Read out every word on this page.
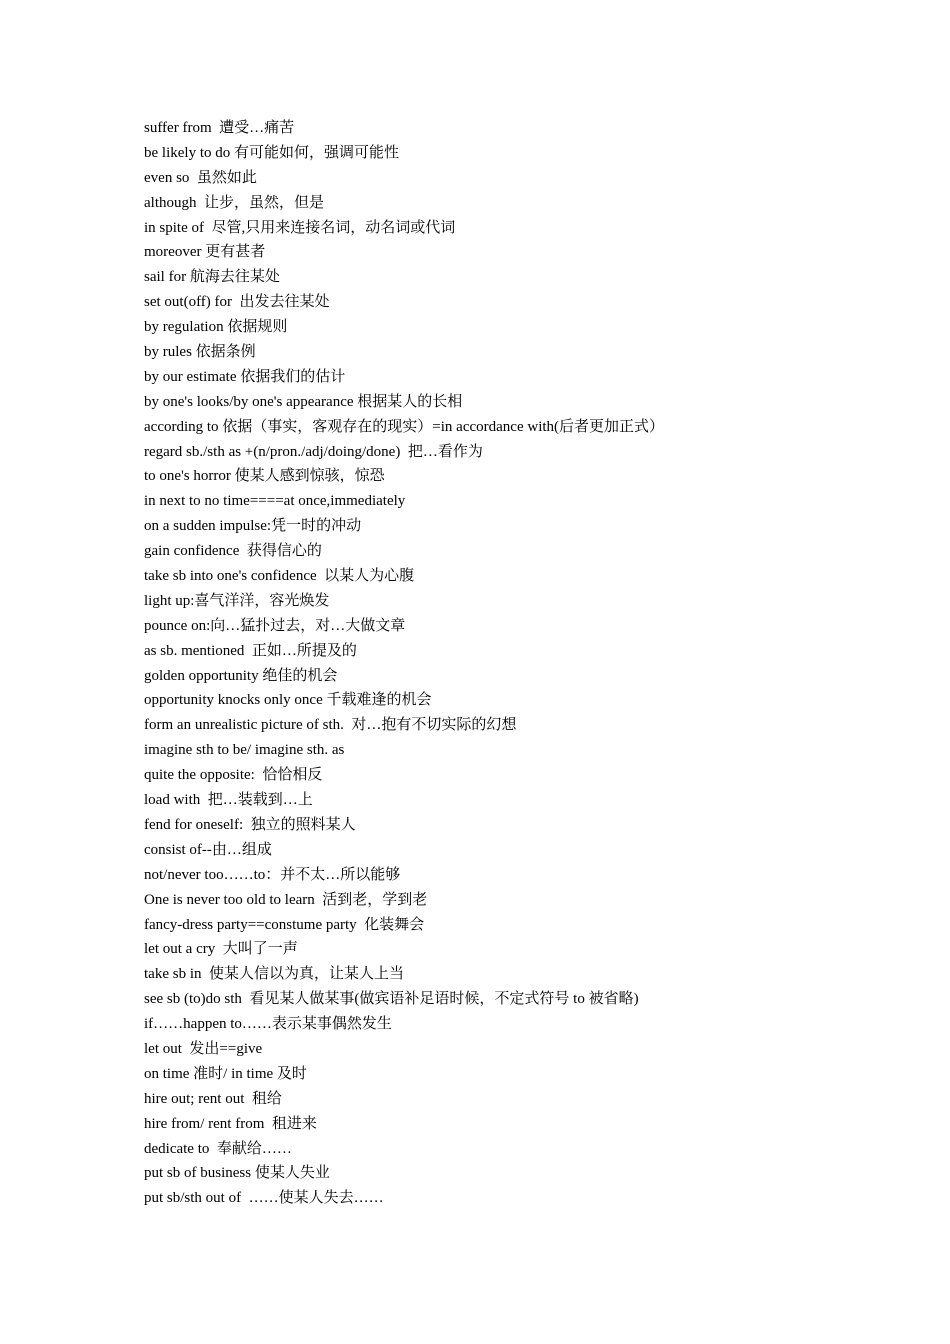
suffer from  遭受…痛苦
be likely to do 有可能如何，强调可能性
even so  虽然如此
although  让步，虽然，但是
in spite of  尽管,只用来连接名词，动名词或代词
moreover 更有甚者
sail for 航海去往某处
set out(off) for  出发去往某处
by regulation 依据规则
by rules 依据条例
by our estimate 依据我们的估计
by one's looks/by one's appearance 根据某人的长相
according to 依据（事实，客观存在的现实）=in accordance with(后者更加正式）
regard sb./sth as +(n/pron./adj/doing/done)  把…看作为
to one's horror 使某人感到惊骇，惊恐
in next to no time====at once,immediately
on a sudden impulse:凭一时的冲动
gain confidence  获得信心的
take sb into one's confidence  以某人为心腹
light up:喜气洋洋，容光焕发
pounce on:向…猛扑过去，对…大做文章
as sb. mentioned  正如…所提及的
golden opportunity 绝佳的机会
opportunity knocks only once 千载难逢的机会
form an unrealistic picture of sth.  对…抱有不切实际的幻想
imagine sth to be/ imagine sth. as
quite the opposite:  恰恰相反
load with  把…装载到…上
fend for oneself:  独立的照料某人
consist of--由…组成
not/never too……to：并不太…所以能够
One is never too old to learn  活到老，学到老
fancy-dress party==constume party  化装舞会
let out a cry  大叫了一声
take sb in  使某人信以为真，让某人上当
see sb (to)do sth  看见某人做某事(做宾语补足语时候，不定式符号 to 被省略)
if……happen to……表示某事偶然发生
let out  发出==give
on time 准时/ in time 及时
hire out; rent out  租给
hire from/ rent from  租进来
dedicate to  奉献给……
put sb of business 使某人失业
put sb/sth out of  ……使某人失去……
